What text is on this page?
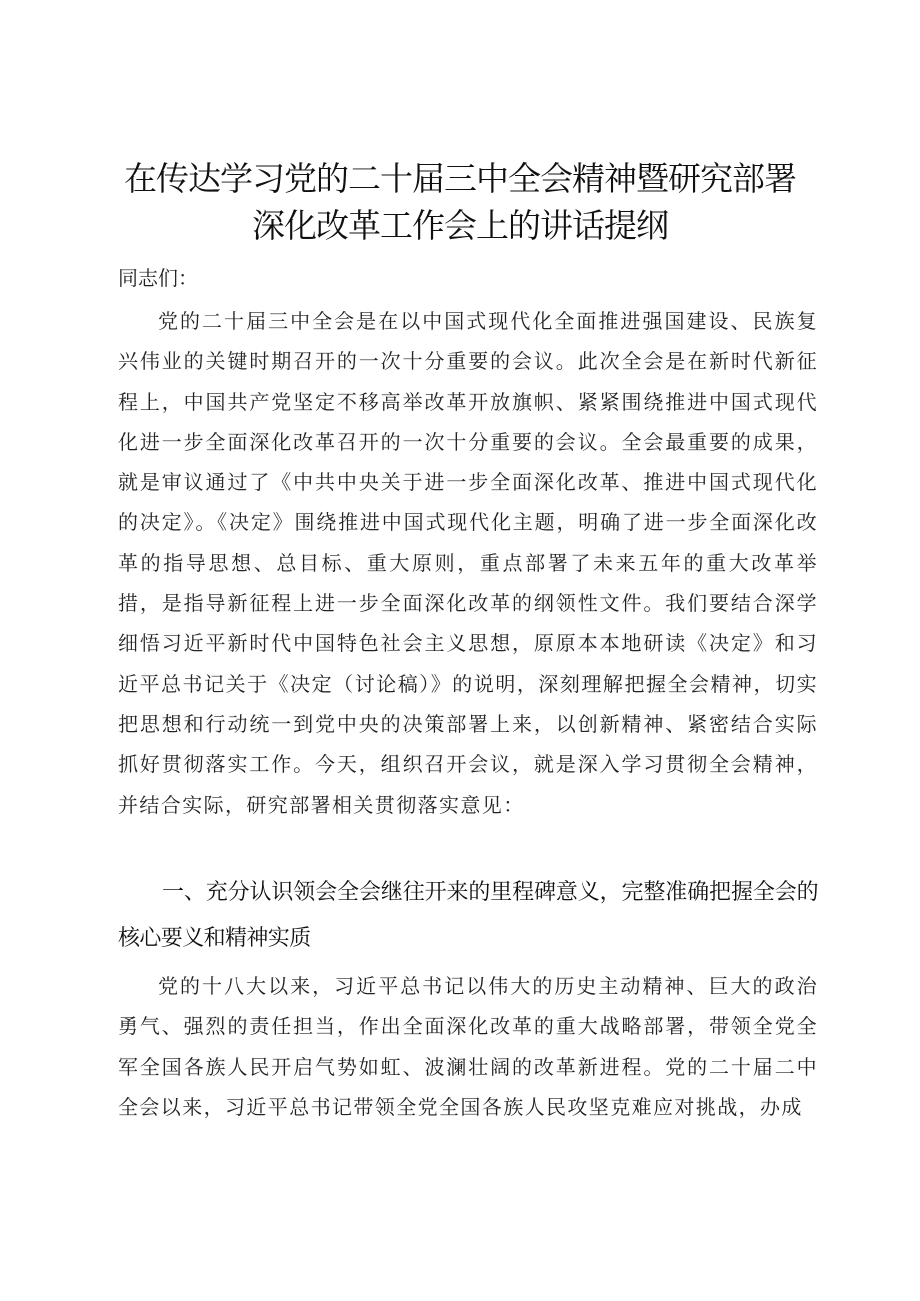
在传达学习党的二十届三中全会精神暨研究部署深化改革工作会上的讲话提纲

同志们：

党的二十届三中全会是在以中国式现代化全面推进强国建设、民族复兴伟业的关键时期召开的一次十分重要的会议。此次全会是在新时代新征程上，中国共产党坚定不移高举改革开放旗帜、紧紧围绕推进中国式现代化进一步全面深化改革召开的一次十分重要的会议。全会最重要的成果，就是审议通过了《中共中央关于进一步全面深化改革、推进中国式现代化的决定》。《决定》围绕推进中国式现代化主题，明确了进一步全面深化改革的指导思想、总目标、重大原则，重点部署了未来五年的重大改革举措，是指导新征程上进一步全面深化改革的纲领性文件。我们要结合深学细悟习近平新时代中国特色社会主义思想，原原本本地研读《决定》和习近平总书记关于《决定（讨论稿）》的说明，深刻理解把握全会精神，切实把思想和行动统一到党中央的决策部署上来，以创新精神、紧密结合实际抓好贯彻落实工作。今天，组织召开会议，就是深入学习贯彻全会精神，并结合实际，研究部署相关贯彻落实意见：

一、充分认识领会全会继往开来的里程碑意义，完整准确把握全会的核心要义和精神实质

党的十八大以来，习近平总书记以伟大的历史主动精神、巨大的政治勇气、强烈的责任担当，作出全面深化改革的重大战略部署，带领全党全军全国各族人民开启气势如虹、波澜壮阔的改革新进程。党的二十届二中全会以来，习近平总书记带领全党全国各族人民攻坚克难应对挑战，办成
